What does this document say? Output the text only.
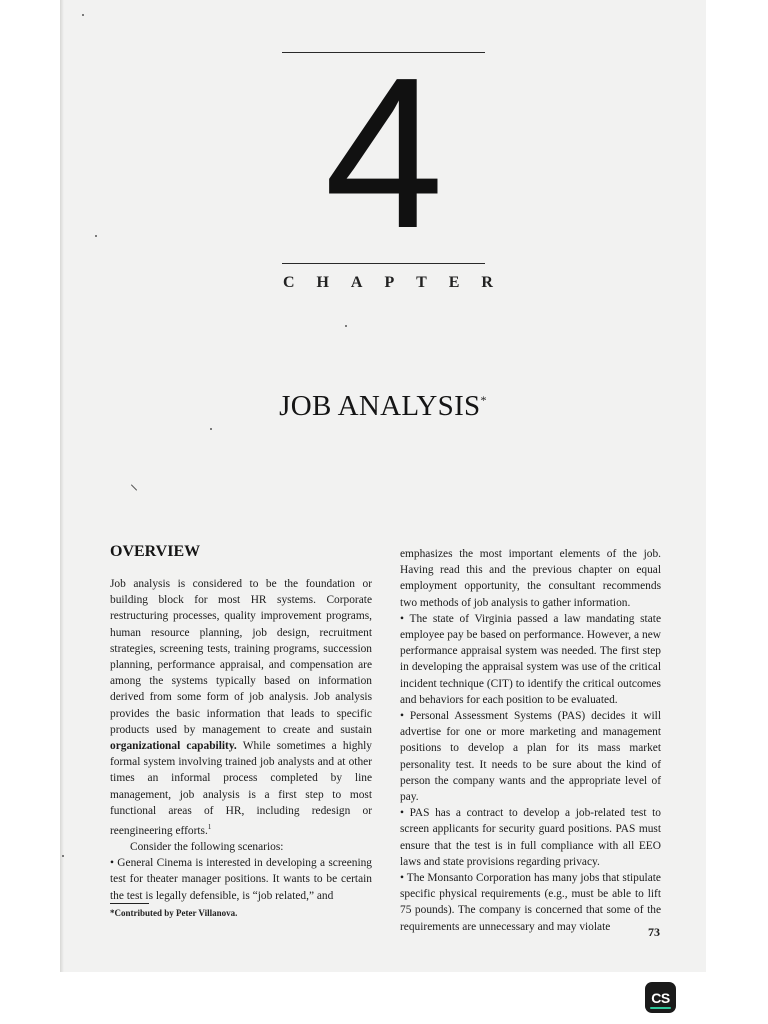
4
C H A P T E R
JOB ANALYSIS*
OVERVIEW

Job analysis is considered to be the foundation or building block for most HR systems. Corporate restructuring processes, quality improvement programs, human resource planning, job design, recruitment strategies, screening tests, training programs, succession planning, performance appraisal, and compensation are among the systems typically based on information derived from some form of job analysis. Job analysis provides the basic information that leads to specific products used by management to create and sustain organizational capability. While sometimes a highly formal system involving trained job analysts and at other times an informal process completed by line management, job analysis is a first step to most functional areas of HR, including redesign or reengineering efforts.$^1$

Consider the following scenarios:

• General Cinema is interested in developing a screening test for theater manager positions. It wants to be certain the test is legally defensible, is “job related,” and

emphasizes the most important elements of the job. Having read this and the previous chapter on equal employment opportunity, the consultant recommends two methods of job analysis to gather information.

• The state of Virginia passed a law mandating state employee pay be based on performance. However, a new performance appraisal system was needed. The first step in developing the appraisal system was use of the critical incident technique (CIT) to identify the critical outcomes and behaviors for each position to be evaluated.

• Personal Assessment Systems (PAS) decides it will advertise for one or more marketing and management positions to develop a plan for its mass market personality test. It needs to be sure about the kind of person the company wants and the appropriate level of pay.

• PAS has a contract to develop a job-related test to screen applicants for security guard positions. PAS must ensure that the test is in full compliance with all EEO laws and state provisions regarding privacy.

• The Monsanto Corporation has many jobs that stipulate specific physical requirements (e.g., must be able to lift 75 pounds). The company is concerned that some of the requirements are unnecessary and may violate

*Contributed by Peter Villanova.
73
CS
